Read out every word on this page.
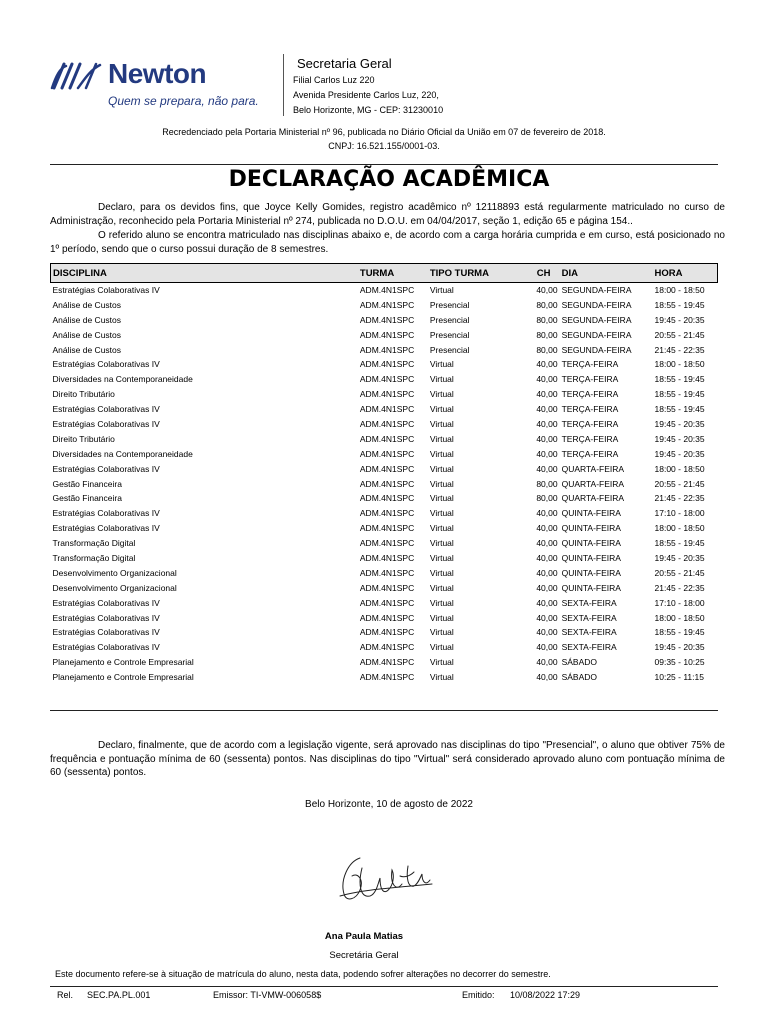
Newton
Quem se prepara, não para.
Secretaria Geral
Filial Carlos Luz 220
Avenida Presidente Carlos Luz, 220,
Belo Horizonte, MG - CEP: 31230010
Recredenciado pela Portaria Ministerial nº 96, publicada no Diário Oficial da União em 07 de fevereiro de 2018.
CNPJ: 16.521.155/0001-03.
DECLARAÇÃO ACADÊMICA
Declaro, para os devidos fins, que Joyce Kelly Gomides, registro acadêmico nº 12118893 está regularmente matriculado no curso de Administração, reconhecido pela Portaria Ministerial nº 274, publicada no D.O.U. em 04/04/2017, seção 1, edição 65 e página 154..
O referido aluno se encontra matriculado nas disciplinas abaixo e, de acordo com a carga horária cumprida e em curso, está posicionado no 1º período, sendo que o curso possui duração de 8 semestres.
DISCIPLINA	TURMA	TIPO TURMA	CH	DIA	HORA
Estratégias Colaborativas IV	ADM.4N1SPC	Virtual	40,00	SEGUNDA-FEIRA	18:00 - 18:50
Análise de Custos	ADM.4N1SPC	Presencial	80,00	SEGUNDA-FEIRA	18:55 - 19:45
Análise de Custos	ADM.4N1SPC	Presencial	80,00	SEGUNDA-FEIRA	19:45 - 20:35
Análise de Custos	ADM.4N1SPC	Presencial	80,00	SEGUNDA-FEIRA	20:55 - 21:45
Análise de Custos	ADM.4N1SPC	Presencial	80,00	SEGUNDA-FEIRA	21:45 - 22:35
Estratégias Colaborativas IV	ADM.4N1SPC	Virtual	40,00	TERÇA-FEIRA	18:00 - 18:50
Diversidades na Contemporaneidade	ADM.4N1SPC	Virtual	40,00	TERÇA-FEIRA	18:55 - 19:45
Direito Tributário	ADM.4N1SPC	Virtual	40,00	TERÇA-FEIRA	18:55 - 19:45
Estratégias Colaborativas IV	ADM.4N1SPC	Virtual	40,00	TERÇA-FEIRA	18:55 - 19:45
Estratégias Colaborativas IV	ADM.4N1SPC	Virtual	40,00	TERÇA-FEIRA	19:45 - 20:35
Direito Tributário	ADM.4N1SPC	Virtual	40,00	TERÇA-FEIRA	19:45 - 20:35
Diversidades na Contemporaneidade	ADM.4N1SPC	Virtual	40,00	TERÇA-FEIRA	19:45 - 20:35
Estratégias Colaborativas IV	ADM.4N1SPC	Virtual	40,00	QUARTA-FEIRA	18:00 - 18:50
Gestão Financeira	ADM.4N1SPC	Virtual	80,00	QUARTA-FEIRA	20:55 - 21:45
Gestão Financeira	ADM.4N1SPC	Virtual	80,00	QUARTA-FEIRA	21:45 - 22:35
Estratégias Colaborativas IV	ADM.4N1SPC	Virtual	40,00	QUINTA-FEIRA	17:10 - 18:00
Estratégias Colaborativas IV	ADM.4N1SPC	Virtual	40,00	QUINTA-FEIRA	18:00 - 18:50
Transformação Digital	ADM.4N1SPC	Virtual	40,00	QUINTA-FEIRA	18:55 - 19:45
Transformação Digital	ADM.4N1SPC	Virtual	40,00	QUINTA-FEIRA	19:45 - 20:35
Desenvolvimento Organizacional	ADM.4N1SPC	Virtual	40,00	QUINTA-FEIRA	20:55 - 21:45
Desenvolvimento Organizacional	ADM.4N1SPC	Virtual	40,00	QUINTA-FEIRA	21:45 - 22:35
Estratégias Colaborativas IV	ADM.4N1SPC	Virtual	40,00	SEXTA-FEIRA	17:10 - 18:00
Estratégias Colaborativas IV	ADM.4N1SPC	Virtual	40,00	SEXTA-FEIRA	18:00 - 18:50
Estratégias Colaborativas IV	ADM.4N1SPC	Virtual	40,00	SEXTA-FEIRA	18:55 - 19:45
Estratégias Colaborativas IV	ADM.4N1SPC	Virtual	40,00	SEXTA-FEIRA	19:45 - 20:35
Planejamento e Controle Empresarial	ADM.4N1SPC	Virtual	40,00	SÁBADO	09:35 - 10:25
Planejamento e Controle Empresarial	ADM.4N1SPC	Virtual	40,00	SÁBADO	10:25 - 11:15
Declaro, finalmente, que de acordo com a legislação vigente, será aprovado nas disciplinas do tipo "Presencial", o aluno que obtiver 75% de frequência e pontuação mínima de 60 (sessenta) pontos. Nas disciplinas do tipo "Virtual" será considerado aprovado aluno com pontuação mínima de 60 (sessenta) pontos.
Belo Horizonte, 10 de agosto de 2022
Ana Paula Matias
Secretária Geral
Este documento refere-se à situação de matrícula do aluno, nesta data, podendo sofrer alterações no decorrer do semestre.
Rel. SEC.PA.PL.001	Emissor: TI-VMW-006058$	Emitido: 10/08/2022 17:29
